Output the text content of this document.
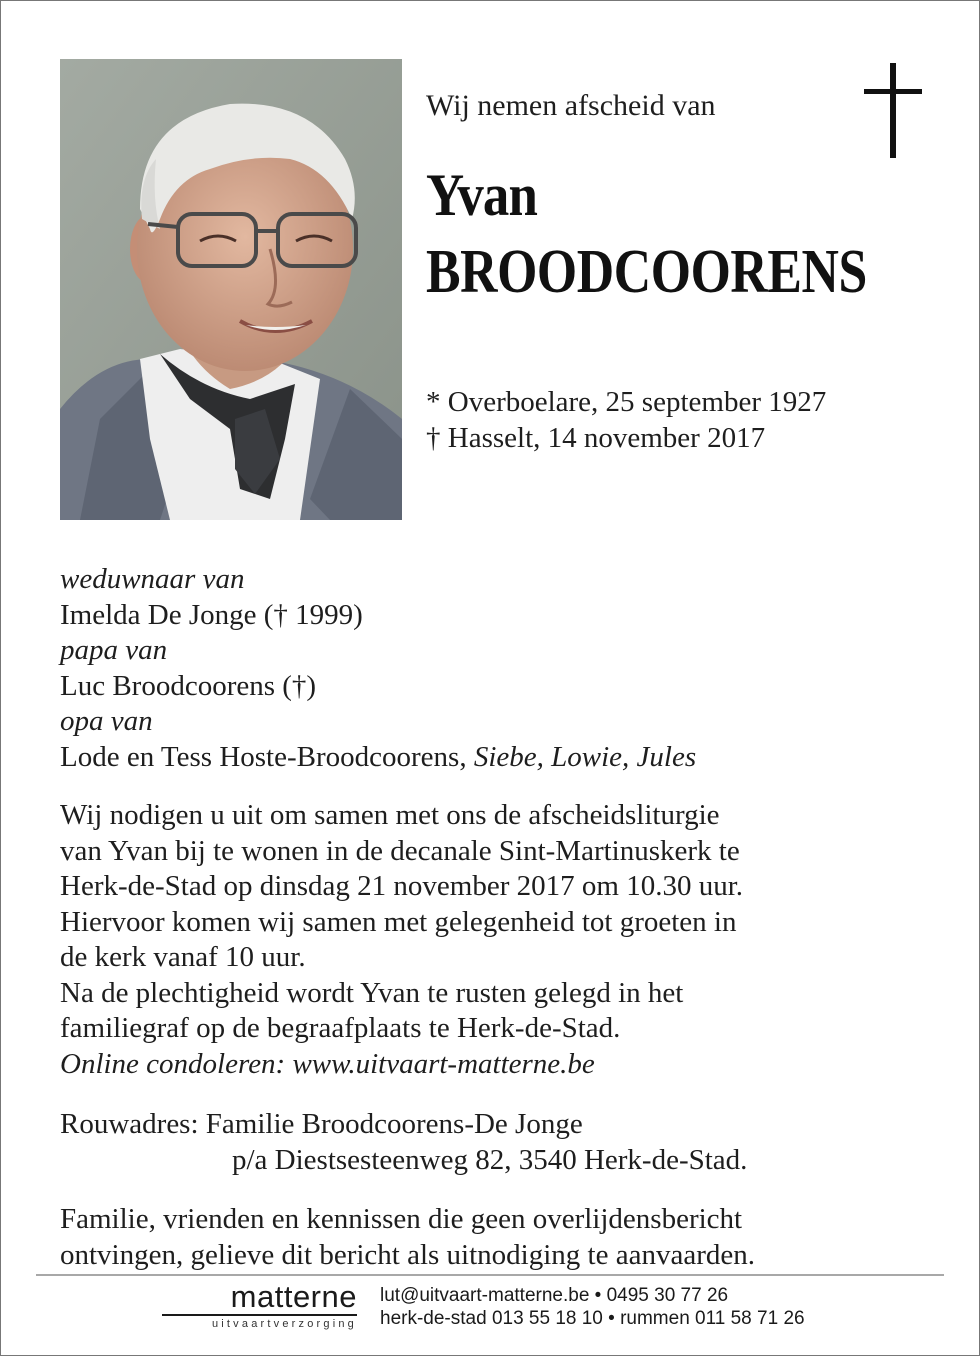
Wij nemen afscheid van
Yvan
BROODCOORENS
* Overboelare, 25 september 1927
† Hasselt, 14 november 2017
weduwnaar van
Imelda De Jonge († 1999)
papa van
Luc Broodcoorens (†)
opa van
Lode en Tess Hoste-Broodcoorens, Siebe, Lowie, Jules
Wij nodigen u uit om samen met ons de afscheidsliturgie
van Yvan bij te wonen in de decanale Sint-Martinuskerk te
Herk-de-Stad op dinsdag 21 november 2017 om 10.30 uur.
Hiervoor komen wij samen met gelegenheid tot groeten in
de kerk vanaf 10 uur.
Na de plechtigheid wordt Yvan te rusten gelegd in het
familiegraf op de begraafplaats te Herk-de-Stad.
Online condoleren: www.uitvaart-matterne.be
Rouwadres: Familie Broodcoorens-De Jonge
p/a Diestsesteenweg 82, 3540 Herk-de-Stad.
Familie, vrienden en kennissen die geen overlijdensbericht
ontvingen, gelieve dit bericht als uitnodiging te aanvaarden.
matterne
uitvaartverzorging
lut@uitvaart-matterne.be • 0495 30 77 26
herk-de-stad 013 55 18 10 • rummen 011 58 71 26
